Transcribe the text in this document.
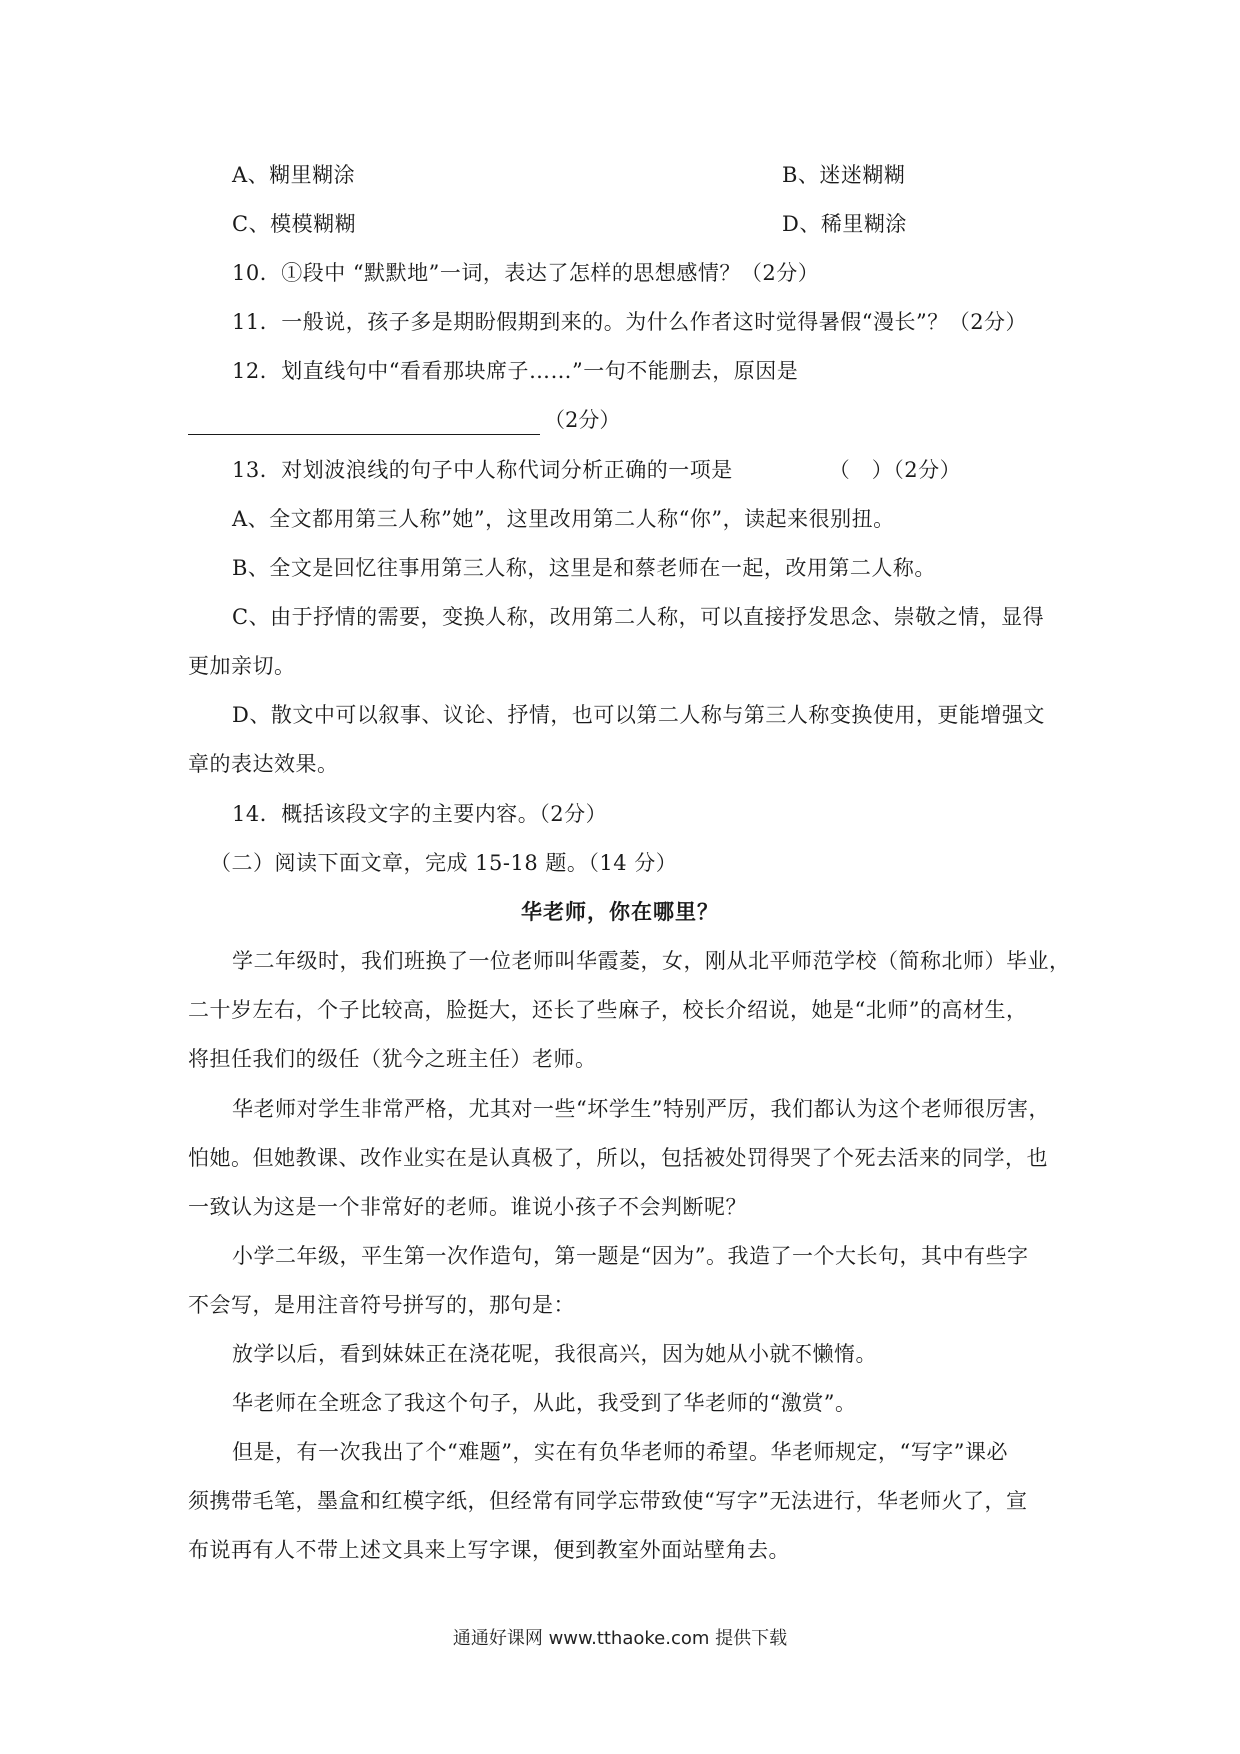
A、糊里糊涂	B、迷迷糊糊
C、模模糊糊	D、稀里糊涂
10．①段中 “默默地”一词，表达了怎样的思想感情？（2分）
11．一般说，孩子多是期盼假期到来的。为什么作者这时觉得暑假“漫长”？（2分）
12．划直线句中“看看那块席子……”一句不能删去，原因是
（2分）
13．对划波浪线的句子中人称代词分析正确的一项是	（　）（2分）
A、全文都用第三人称”她”，这里改用第二人称“你”，读起来很别扭。
B、全文是回忆往事用第三人称，这里是和蔡老师在一起，改用第二人称。
C、由于抒情的需要，变换人称，改用第二人称，可以直接抒发思念、崇敬之情，显得
更加亲切。
D、散文中可以叙事、议论、抒情，也可以第二人称与第三人称变换使用，更能增强文
章的表达效果。
14．概括该段文字的主要内容。（2分）
（二）阅读下面文章，完成 15-18 题。（14 分）
华老师，你在哪里？
学二年级时，我们班换了一位老师叫华霞菱，女，刚从北平师范学校（简称北师）毕业，
二十岁左右，个子比较高，脸挺大，还长了些麻子，校长介绍说，她是“北师”的高材生，
将担任我们的级任（犹今之班主任）老师。
华老师对学生非常严格，尤其对一些“坏学生”特别严厉，我们都认为这个老师很厉害，
怕她。但她教课、改作业实在是认真极了，所以，包括被处罚得哭了个死去活来的同学，也
一致认为这是一个非常好的老师。谁说小孩子不会判断呢？
小学二年级，平生第一次作造句，第一题是“因为”。我造了一个大长句，其中有些字
不会写，是用注音符号拼写的，那句是：
放学以后，看到妹妹正在浇花呢，我很高兴，因为她从小就不懒惰。
华老师在全班念了我这个句子，从此，我受到了华老师的“激赏”。
但是，有一次我出了个“难题”，实在有负华老师的希望。华老师规定，“写字”课必
须携带毛笔，墨盒和红模字纸，但经常有同学忘带致使“写字”无法进行，华老师火了，宣
布说再有人不带上述文具来上写字课，便到教室外面站壁角去。
通通好课网 www.tthaoke.com 提供下载
